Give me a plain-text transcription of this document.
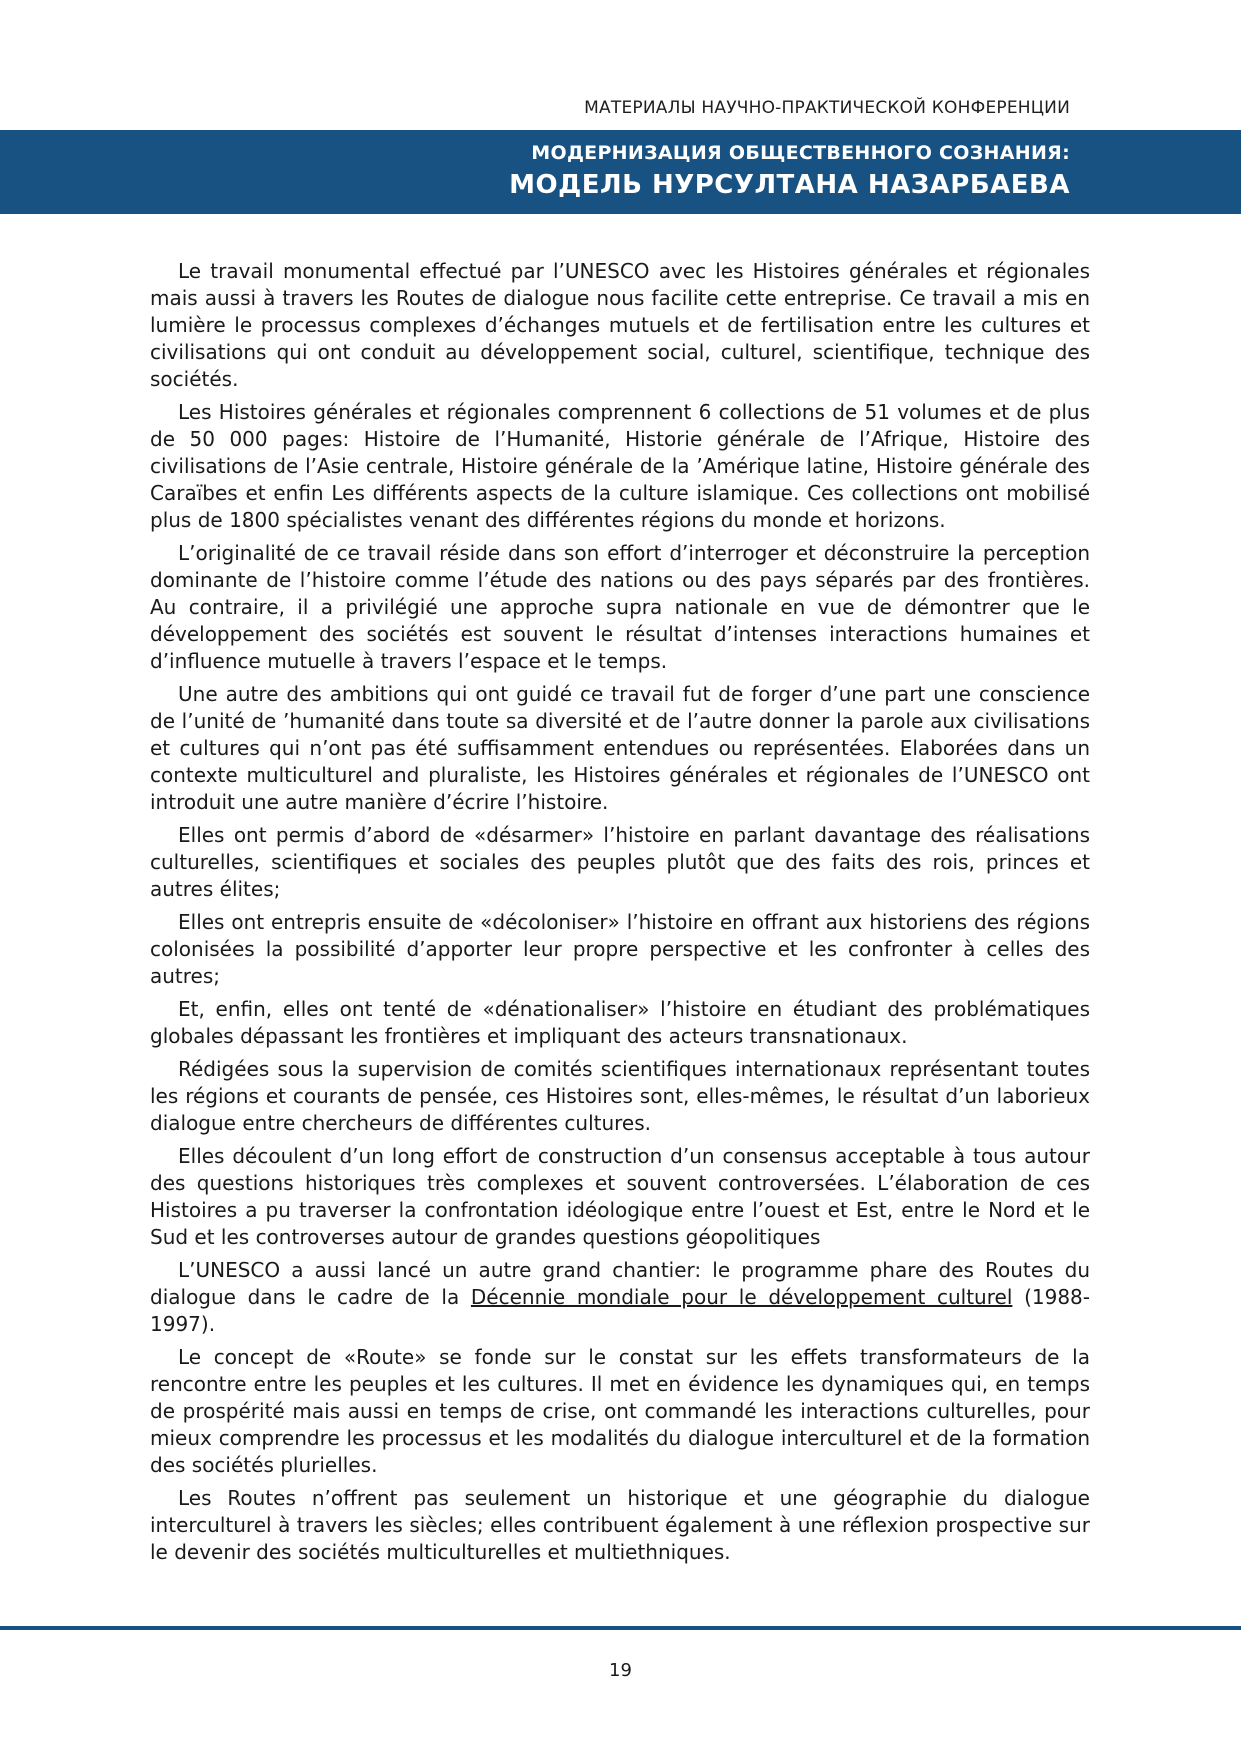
МАТЕРИАЛЫ НАУЧНО-ПРАКТИЧЕСКОЙ КОНФЕРЕНЦИИ
МОДЕРНИЗАЦИЯ ОБЩЕСТВЕННОГО СОЗНАНИЯ:
МОДЕЛЬ НУРСУЛТАНА НАЗАРБАЕВА

Le travail monumental effectué par l’UNESCO avec les Histoires générales et régionales mais aussi à travers les Routes de dialogue nous facilite cette entreprise. Ce travail a mis en lumière le processus complexes d’échanges mutuels et de fertilisation entre les cultures et civilisations qui ont conduit au développement social, culturel, scientifique, technique des sociétés.

Les Histoires générales et régionales comprennent 6 collections de 51 volumes et de plus de 50 000 pages: Histoire de l’Humanité, Historie générale de l’Afrique, Histoire des civilisations de l’Asie centrale, Histoire générale de la ’Amérique latine, Histoire générale des Caraïbes et enfin Les différents aspects de la culture islamique. Ces collections ont mobilisé plus de 1800 spécialistes venant des différentes régions du monde et horizons.

L’originalité de ce travail réside dans son effort d’interroger et déconstruire la perception dominante de l’histoire comme l’étude des nations ou des pays séparés par des frontières. Au contraire, il a privilégié une approche supra nationale en vue de démontrer que le développement des sociétés est souvent le résultat d’intenses interactions humaines et d’influence mutuelle à travers l’espace et le temps.

Une autre des ambitions qui ont guidé ce travail fut de forger d’une part une conscience de l’unité de ’humanité dans toute sa diversité et de l’autre donner la parole aux civilisations et cultures qui n’ont pas été suffisamment entendues ou représentées. Elaborées dans un contexte multiculturel and pluraliste, les Histoires générales et régionales de l’UNESCO ont introduit une autre manière d’écrire l’histoire.

Elles ont permis d’abord de «désarmer» l’histoire en parlant davantage des réalisations culturelles, scientifiques et sociales des peuples plutôt que des faits des rois, princes et autres élites;

Elles ont entrepris ensuite de «décoloniser» l’histoire en offrant aux historiens des régions colonisées la possibilité d’apporter leur propre perspective et les confronter à celles des autres;

Et, enfin, elles ont tenté de «dénationaliser» l’histoire en étudiant des problématiques globales dépassant les frontières et impliquant des acteurs transnationaux.

Rédigées sous la supervision de comités scientifiques internationaux représentant toutes les régions et courants de pensée, ces Histoires sont, elles-mêmes, le résultat d’un laborieux dialogue entre chercheurs de différentes cultures.

Elles découlent d’un long effort de construction d’un consensus acceptable à tous autour des questions historiques très complexes et souvent controversées. L’élaboration de ces Histoires a pu traverser la confrontation idéologique entre l’ouest et Est, entre le Nord et le Sud et les controverses autour de grandes questions géopolitiques

L’UNESCO a aussi lancé un autre grand chantier: le programme phare des Routes du dialogue dans le cadre de la Décennie mondiale pour le développement culturel (1988-1997).

Le concept de «Route» se fonde sur le constat sur les effets transformateurs de la rencontre entre les peuples et les cultures. Il met en évidence les dynamiques qui, en temps de prospérité mais aussi en temps de crise, ont commandé les interactions culturelles, pour mieux comprendre les processus et les modalités du dialogue interculturel et de la formation des sociétés plurielles.

Les Routes n’offrent pas seulement un historique et une géographie du dialogue interculturel à travers les siècles; elles contribuent également à une réflexion prospective sur le devenir des sociétés multiculturelles et multiethniques.

19
